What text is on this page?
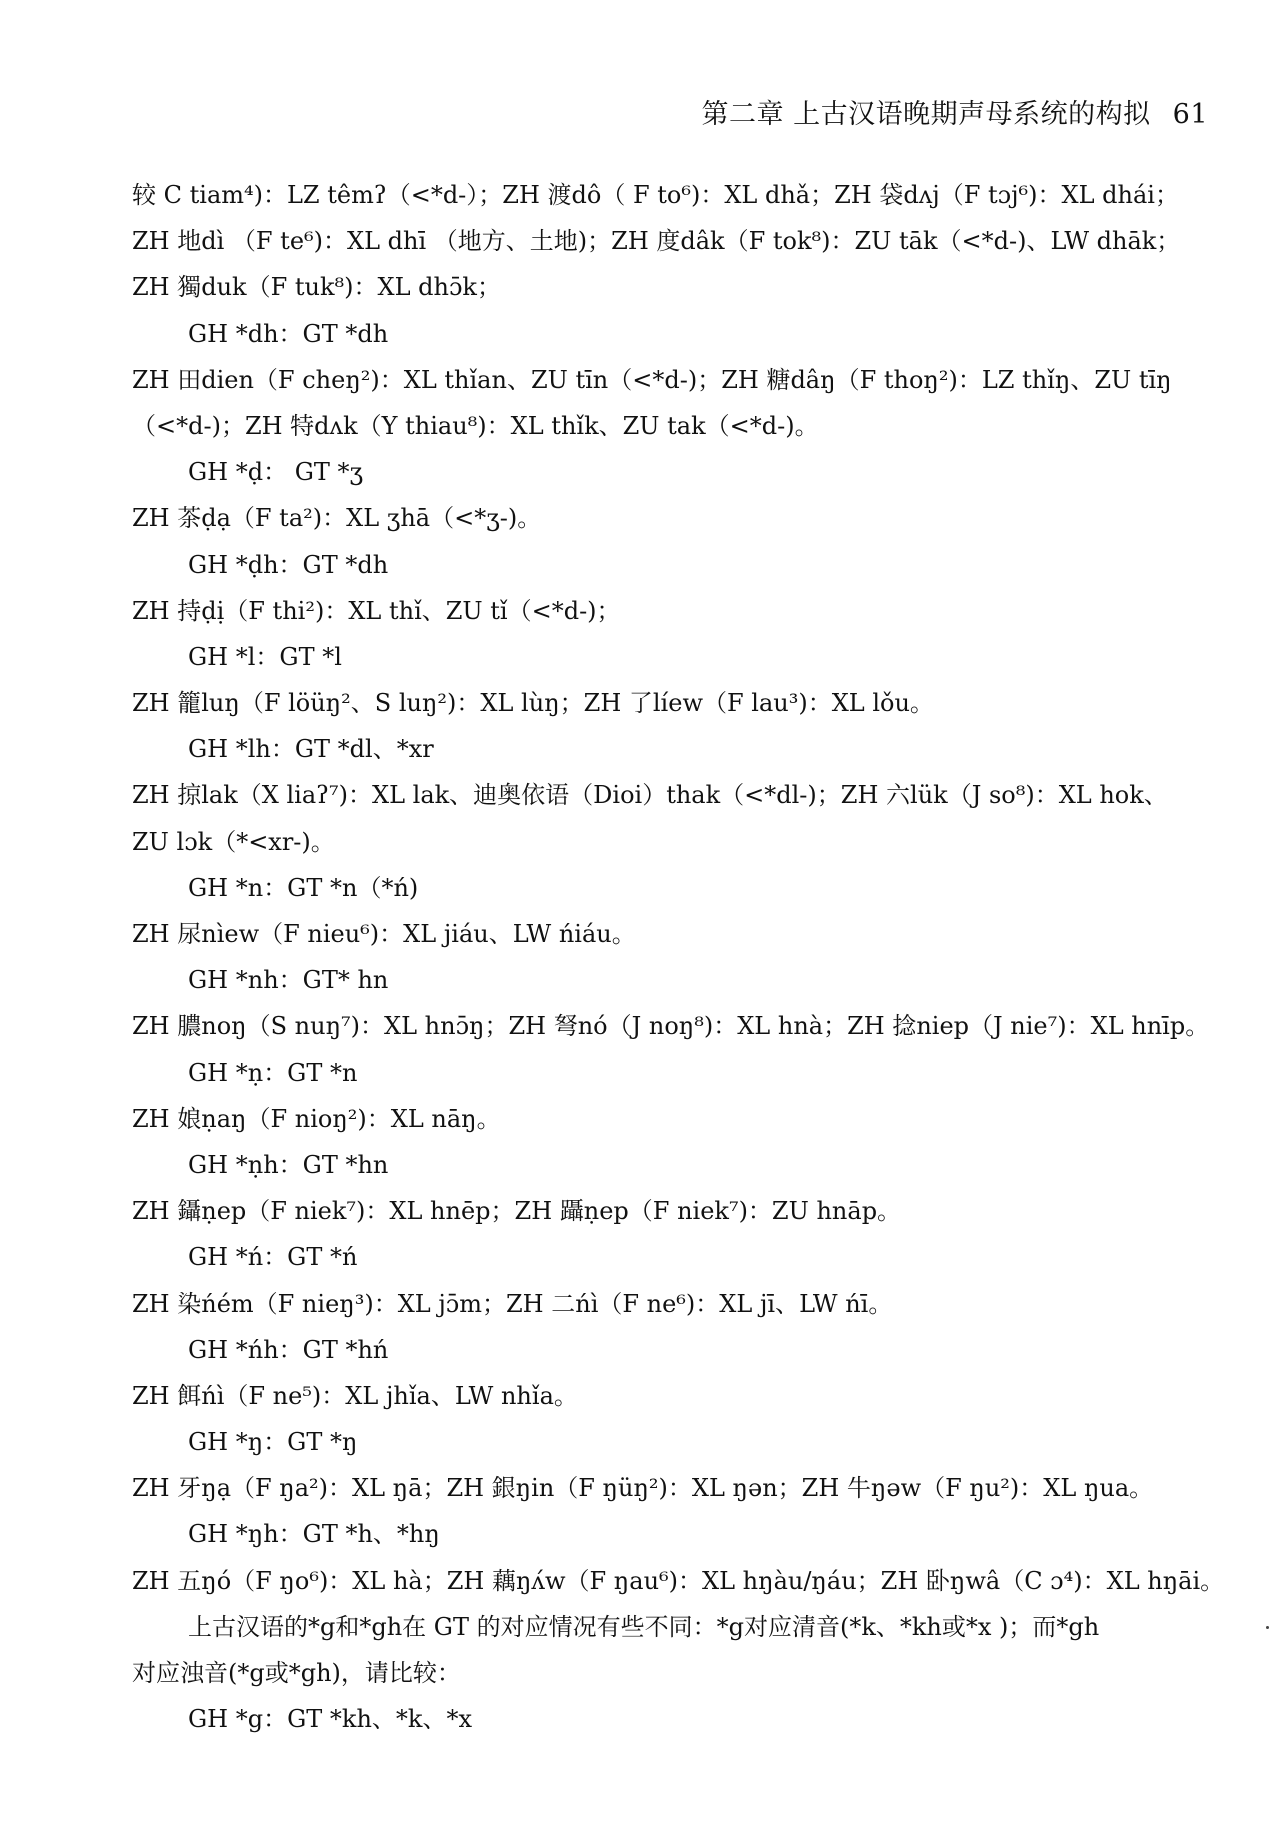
第二章 上古汉语晚期声母系统的构拟 61
较 C tiam⁴)：LZ têmʔ（<*d-）；ZH 渡dô（ F to⁶)：XL dhǎ；ZH 袋dʌj（F tɔj⁶)：XL dhái；
ZH 地dì （F te⁶)：XL dhī （地方、土地)；ZH 度dâk（F tok⁸)：ZU tāk（<*d-)、LW dhāk；
ZH 獨duk（F tuk⁸)：XL dhɔ̄k；
GH *dh：GT *dh
ZH 田dien（F cheŋ²)：XL thǐan、ZU tīn（<*d-)；ZH 糖dâŋ（F thoŋ²)：LZ thǐŋ、ZU tīŋ
（<*d-)；ZH 特dʌk（Y thiau⁸)：XL thǐk、ZU tak（<*d-)。
GH *ḍ： GT *ʒ
ZH 茶ḍạ（F ta²)：XL ʒhā（<*ʒ-)。
GH *ḍh：GT *dh
ZH 持ḍị（F thi²)：XL thǐ、ZU tǐ（<*d-)；
GH *l：GT *l
ZH 籠luŋ（F löüŋ²、S luŋ²)：XL lùŋ；ZH 了líew（F lau³)：XL lǒu。
GH *lh：GT *dl、*xr
ZH 掠lak（X liaʔ⁷)：XL lak、迪奥依语（Dioi）thak（<*dl-)；ZH 六lük（J so⁸)：XL hok、
ZU lɔk（*<xr-)。
GH *n：GT *n（*ń)
ZH 尿nìew（F nieu⁶)：XL jiáu、LW ńiáu。
GH *nh：GT* hn
ZH 膿noŋ（S nuŋ⁷)：XL hnɔ̄ŋ；ZH 弩nó（J noŋ⁸)：XL hnà；ZH 捻niep（J nie⁷)：XL hnīp。
GH *ṇ：GT *n
ZH 娘ṇaŋ（F nioŋ²)：XL nāŋ。
GH *ṇh：GT *hn
ZH 鑷ṇep（F niek⁷)：XL hnēp；ZH 躡ṇep（F niek⁷)：ZU hnāp。
GH *ń：GT *ń
ZH 染ńém（F nieŋ³)：XL jɔ̄m；ZH 二ńì（F ne⁶)：XL jī、LW ńī。
GH *ńh：GT *hń
ZH 餌ńì（F ne⁵)：XL jhǐa、LW nhǐa。
GH *ŋ：GT *ŋ
ZH 牙ŋạ（F ŋa²)：XL ŋā；ZH 銀ŋin（F ŋüŋ²)：XL ŋən；ZH 牛ŋəw（F ŋu²)：XL ŋua。
GH *ŋh：GT *h、*hŋ
ZH 五ŋó（F ŋo⁶)：XL hà；ZH 藕ŋʌ́w（F ŋau⁶)：XL hŋàu/ŋáu；ZH 卧ŋwâ（C ɔ⁴)：XL hŋāi。
上古汉语的*g和*gh在 GT 的对应情况有些不同：*g对应清音(*k、*kh或*x )；而*gh
对应浊音(*g或*gh)，请比较：
GH *g：GT *kh、*k、*x
